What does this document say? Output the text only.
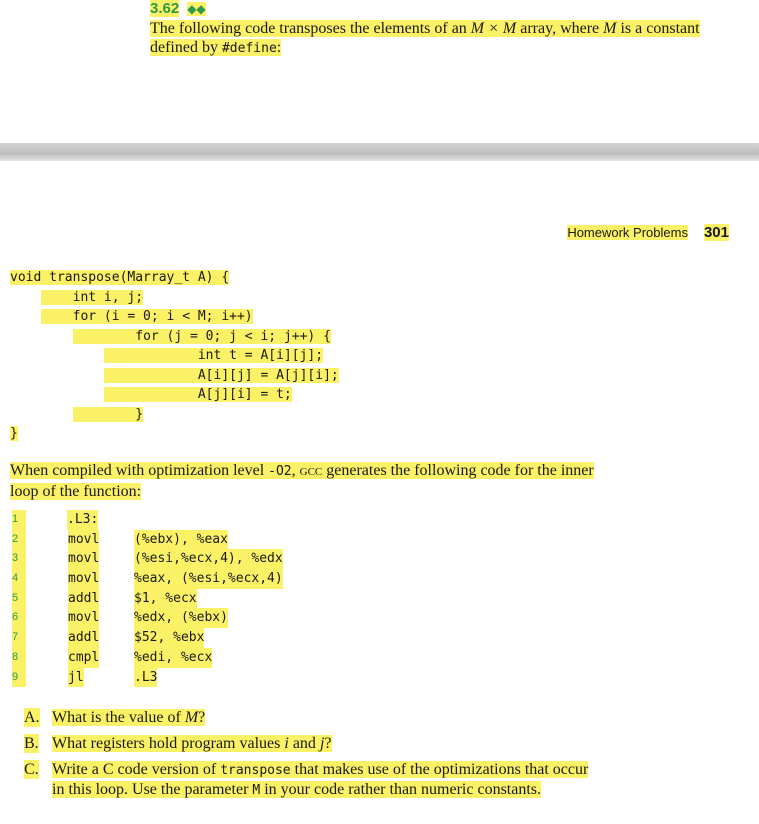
3.62 ◆◆
The following code transposes the elements of an M × M array, where M is a constant defined by #define:
Homework Problems 301
void transpose(Marray_t A) {
int i, j;
for (i = 0; i < M; i++)
for (j = 0; j < i; j++) {
int t = A[i][j];
A[i][j] = A[j][i];
A[j][i] = t;
}
}
When compiled with optimization level -O2, gcc generates the following code for the inner loop of the function:
1	.L3:
2	movl	(%ebx), %eax
3	movl	(%esi,%ecx,4), %edx
4	movl	%eax, (%esi,%ecx,4)
5	addl	$1, %ecx
6	movl	%edx, (%ebx)
7	addl	$52, %ebx
8	cmpl	%edi, %ecx
9	jl	.L3
A. What is the value of M?
B. What registers hold program values i and j?
C. Write a C code version of transpose that makes use of the optimizations that occur in this loop. Use the parameter M in your code rather than numeric constants.
